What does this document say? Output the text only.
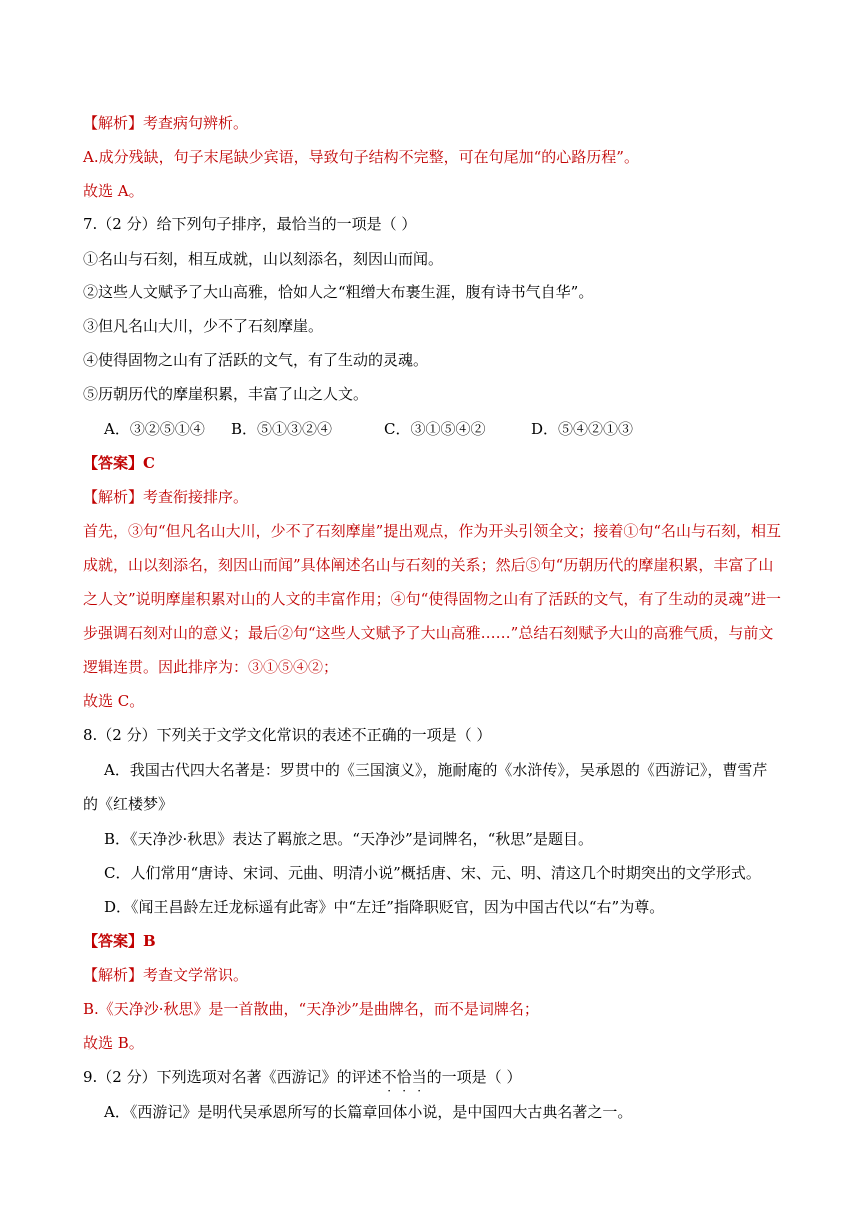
【解析】考查病句辨析。
A.成分残缺，句子末尾缺少宾语，导致句子结构不完整，可在句尾加“的心路历程”。
故选 A。
7.（2 分）给下列句子排序，最恰当的一项是（ ）
①名山与石刻，相互成就，山以刻添名，刻因山而闻。
②这些人文赋予了大山高雅，恰如人之“粗缯大布裹生涯，腹有诗书气自华”。
③但凡名山大川，少不了石刻摩崖。
④使得固物之山有了活跃的文气，有了生动的灵魂。
⑤历朝历代的摩崖积累，丰富了山之人文。
A．③②⑤①④ B．⑤①③②④	C．③①⑤④②	D．⑤④②①③
【答案】C
【解析】考查衔接排序。
首先，③句“但凡名山大川，少不了石刻摩崖”提出观点，作为开头引领全文；接着①句“名山与石刻，相互
成就，山以刻添名，刻因山而闻”具体阐述名山与石刻的关系；然后⑤句“历朝历代的摩崖积累，丰富了山
之人文”说明摩崖积累对山的人文的丰富作用；④句“使得固物之山有了活跃的文气，有了生动的灵魂”进一
步强调石刻对山的意义；最后②句“这些人文赋予了大山高雅……”总结石刻赋予大山的高雅气质，与前文
逻辑连贯。因此排序为：③①⑤④②；
故选 C。
8.（2 分）下列关于文学文化常识的表述不正确的一项是（ ）
A．我国古代四大名著是：罗贯中的《三国演义》，施耐庵的《水浒传》，吴承恩的《西游记》，曹雪芹
的《红楼梦》
B．《天净沙·秋思》表达了羁旅之思。“天净沙”是词牌名，“秋思”是题目。
C．人们常用“唐诗、宋词、元曲、明清小说”概括唐、宋、元、明、清这几个时期突出的文学形式。
D．《闻王昌龄左迁龙标遥有此寄》中“左迁”指降职贬官，因为中国古代以“右”为尊。
【答案】B
【解析】考查文学常识。
B.《天净沙·秋思》是一首散曲，“天净沙”是曲牌名，而不是词牌名；
故选 B。
9.（2 分）下列选项对名著《西游记》的评述不恰当的一项是（ ）
A．《西游记》是明代吴承恩所写的长篇章回体小说，是中国四大古典名著之一。
